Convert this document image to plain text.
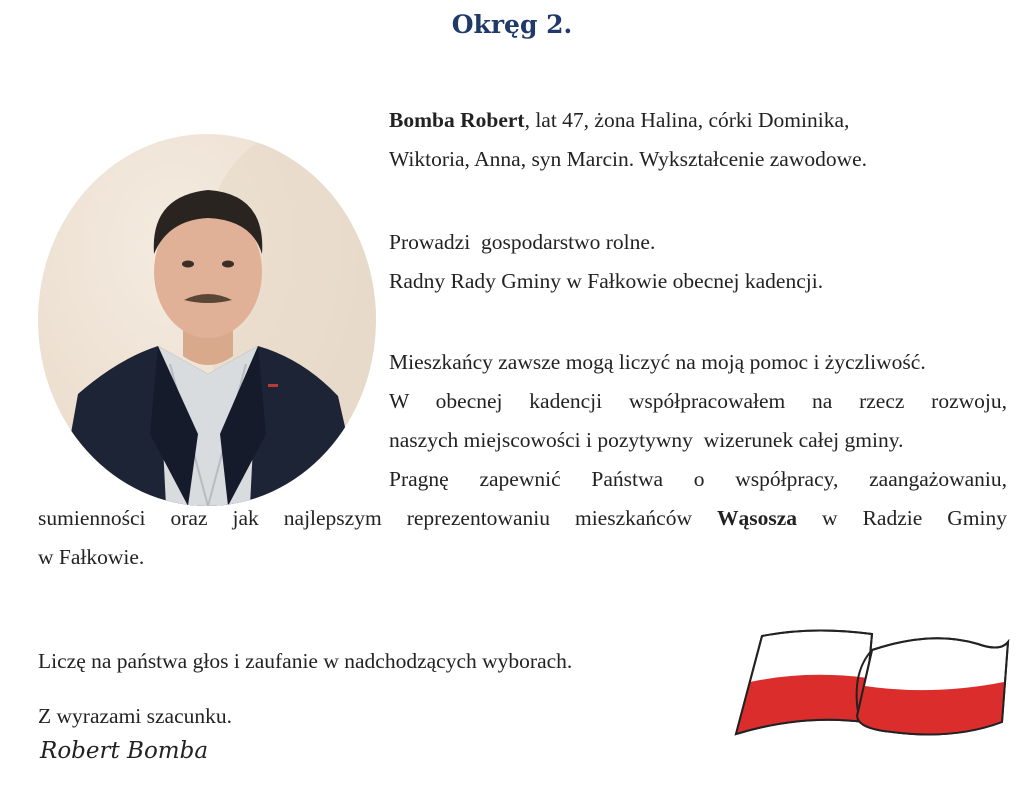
Okręg 2.
Bomba Robert, lat 47, żona Halina, córki Dominika,
Wiktoria, Anna, syn Marcin. Wykształcenie zawodowe.
Prowadzi  gospodarstwo rolne.
Radny Rady Gminy w Fałkowie obecnej kadencji.
Mieszkańcy zawsze mogą liczyć na moją pomoc i życzliwość.
W obecnej kadencji współpracowałem na rzecz rozwoju,
naszych miejscowości i pozytywny  wizerunek całej gminy.
Pragnę zapewnić Państwa o współpracy, zaangażowaniu,
sumienności oraz jak najlepszym reprezentowaniu mieszkańców Wąsosza w Radzie Gminy
w Fałkowie.
Liczę na państwa głos i zaufanie w nadchodzących wyborach.
Z wyrazami szacunku.
Robert Bomba
